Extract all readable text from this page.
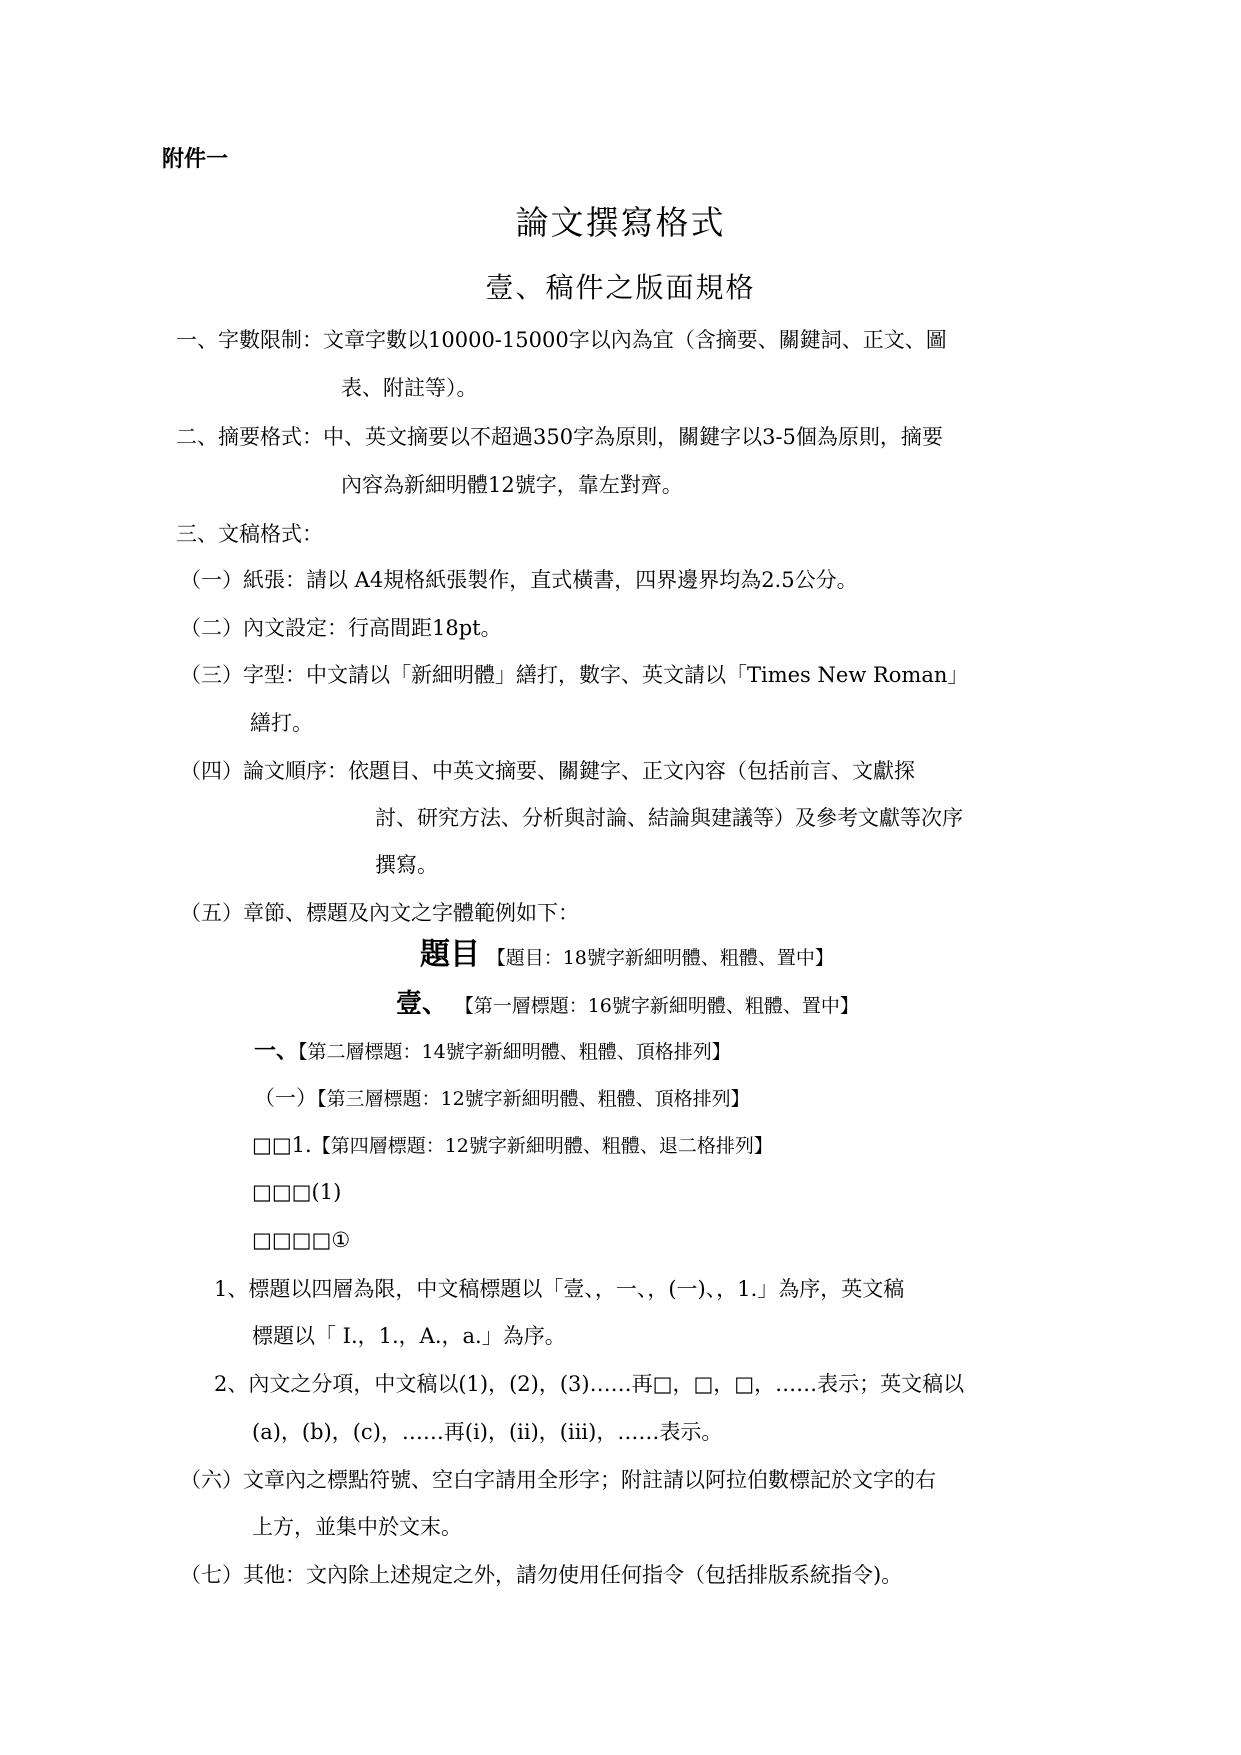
附件一
論文撰寫格式
壹、稿件之版面規格
一、字數限制：文章字數以10000-15000字以內為宜（含摘要、關鍵詞、正文、圖
表、附註等）。
二、摘要格式：中、英文摘要以不超過350字為原則，關鍵字以3-5個為原則，摘要
內容為新細明體12號字，靠左對齊。
三、文稿格式：
（一）紙張：請以 A4規格紙張製作，直式橫書，四界邊界均為2.5公分。
（二）內文設定：行高間距18pt。
（三）字型：中文請以「新細明體」繕打，數字、英文請以「Times New Roman」
繕打。
（四）論文順序：依題目、中英文摘要、關鍵字、正文內容（包括前言、文獻探
討、研究方法、分析與討論、結論與建議等）及參考文獻等次序
撰寫。
（五）章節、標題及內文之字體範例如下：
題目 【題目：18號字新細明體、粗體、置中】
壹、 【第一層標題：16號字新細明體、粗體、置中】
一、【第二層標題：14號字新細明體、粗體、頂格排列】
（一）【第三層標題：12號字新細明體、粗體、頂格排列】
□□1.【第四層標題：12號字新細明體、粗體、退二格排列】
□□□(1)
□□□□①
1、標題以四層為限，中文稿標題以「壹、，一、，(一)、，1.」為序，英文稿
標題以「 I.，1.，A.，a.」為序。
2、內文之分項，中文稿以(1)，(2)，(3)……再□，□，□，……表示；英文稿以
(a)，(b)，(c)，……再(i)，(ii)，(iii)，……表示。
（六）文章內之標點符號、空白字請用全形字；附註請以阿拉伯數標記於文字的右
上方，並集中於文末。
（七）其他：文內除上述規定之外，請勿使用任何指令（包括排版系統指令)。
